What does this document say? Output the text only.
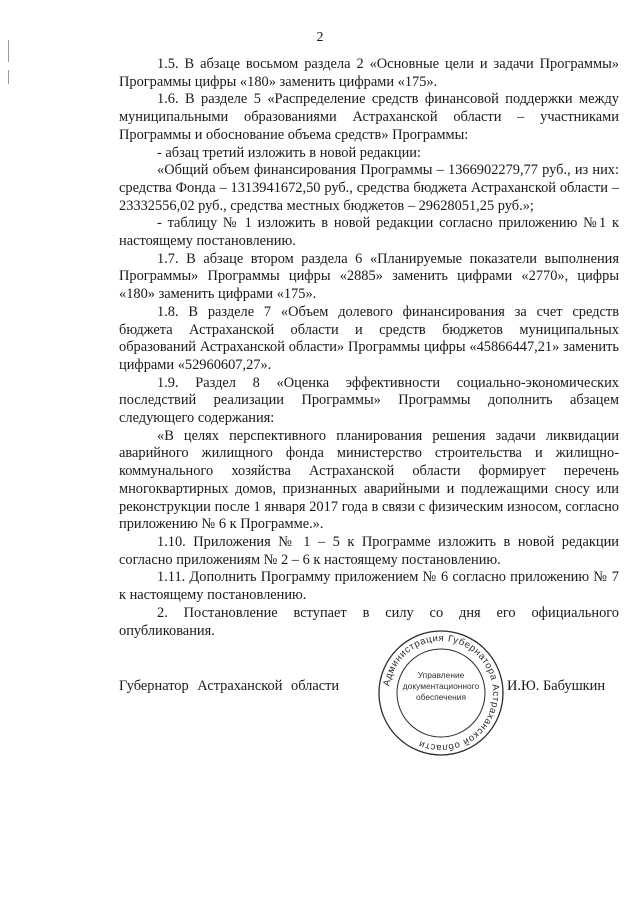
2

1.5. В абзаце восьмом раздела 2 «Основные цели и задачи Программы» Программы цифры «180» заменить цифрами «175».

1.6. В разделе 5 «Распределение средств финансовой поддержки между муниципальными образованиями Астраханской области – участниками Программы и обоснование объема средств» Программы:

- абзац третий изложить в новой редакции:

«Общий объем финансирования Программы – 1366902279,77 руб., из них: средства Фонда – 1313941672,50 руб., средства бюджета Астраханской области – 23332556,02 руб., средства местных бюджетов – 29628051,25 руб.»;

- таблицу № 1 изложить в новой редакции согласно приложению №1 к настоящему постановлению.

1.7. В абзаце втором раздела 6 «Планируемые показатели выполнения Программы» Программы цифры «2885» заменить цифрами «2770», цифры «180» заменить цифрами «175».

1.8. В разделе 7 «Объем долевого финансирования за счет средств бюджета Астраханской области и средств бюджетов муниципальных образований Астраханской области» Программы цифры «45866447,21» заменить цифрами «52960607,27».

1.9. Раздел 8 «Оценка эффективности социально-экономических последствий реализации Программы» Программы дополнить абзацем следующего содержания:

«В целях перспективного планирования решения задачи ликвидации аварийного жилищного фонда министерство строительства и жилищно-коммунального хозяйства Астраханской области формирует перечень многоквартирных домов, признанных аварийными и подлежащими сносу или реконструкции после 1 января 2017 года в связи с физическим износом, согласно приложению № 6 к Программе.».

1.10. Приложения № 1 – 5 к Программе изложить в новой редакции согласно приложениям № 2 – 6 к настоящему постановлению.

1.11. Дополнить Программу приложением № 6 согласно приложению № 7 к настоящему постановлению.

2. Постановление вступает в силу со дня его официального опубликования.

Губернатор Астраханской области	И.Ю. Бабушкин
Администрация Губернатора Астраханской области
Управление документационного обеспечения
